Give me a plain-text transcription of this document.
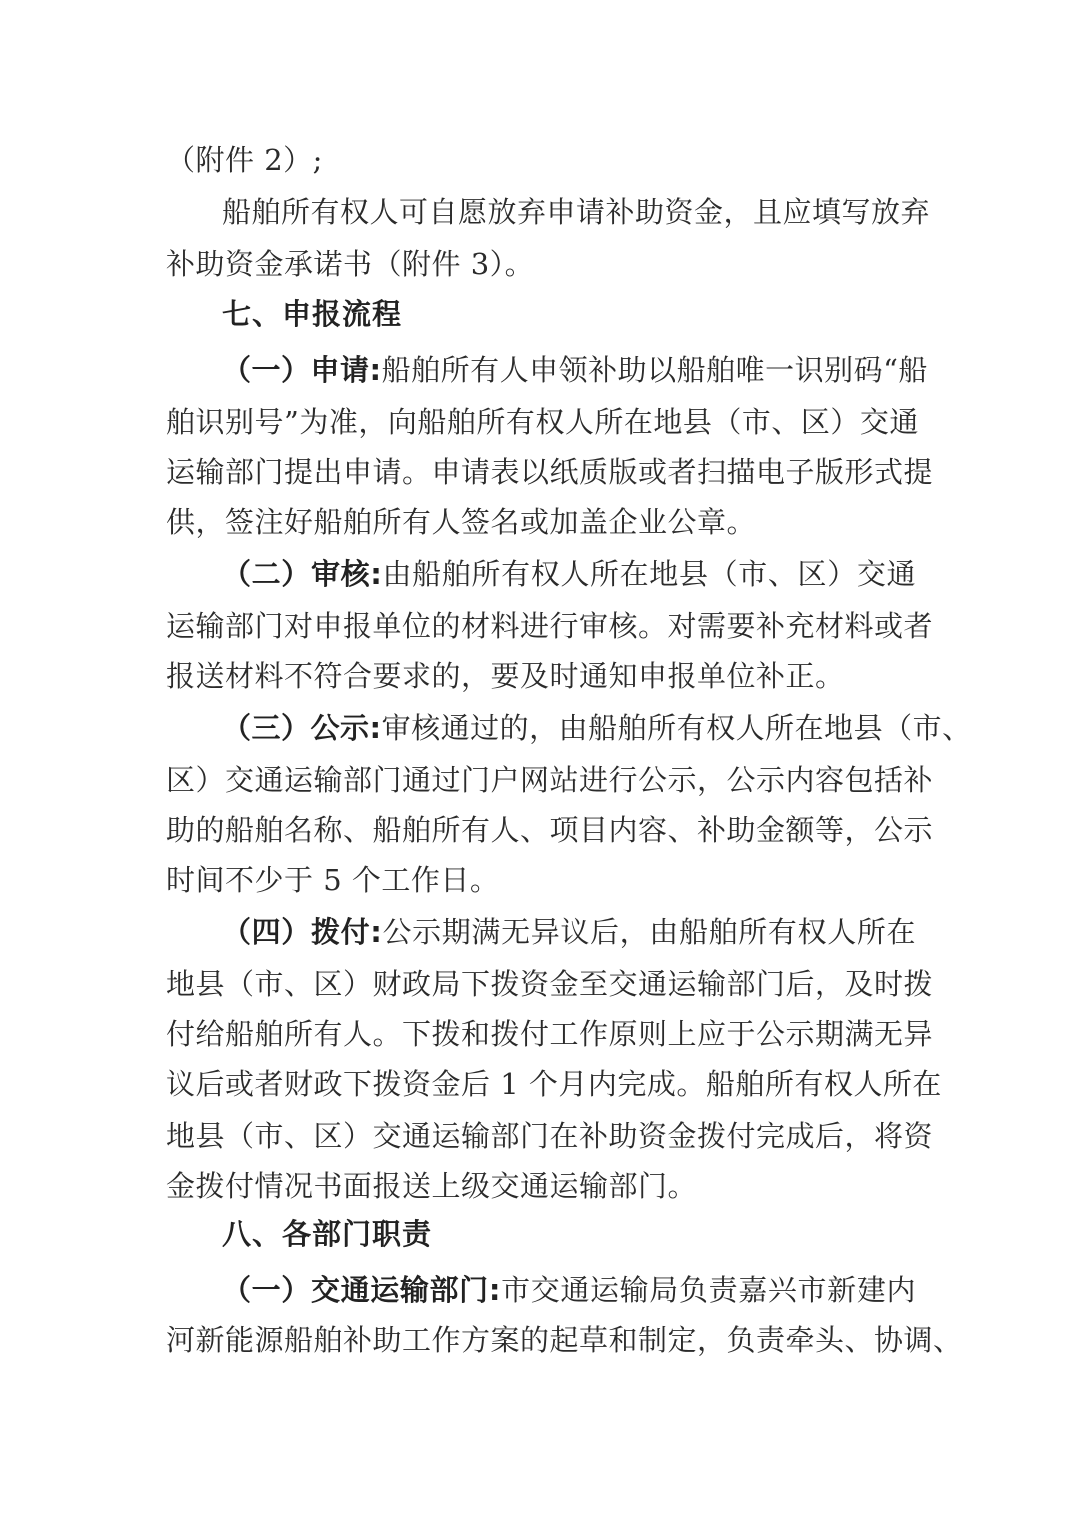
（附件 2）;
船舶所有权人可自愿放弃申请补助资金，且应填写放弃
补助资金承诺书（附件 3）。
七、申报流程
（一）申请:船舶所有人申领补助以船舶唯一识别码“船
舶识别号”为准，向船舶所有权人所在地县（市、区）交通
运输部门提出申请。申请表以纸质版或者扫描电子版形式提
供，签注好船舶所有人签名或加盖企业公章。
（二）审核:由船舶所有权人所在地县（市、区）交通
运输部门对申报单位的材料进行审核。对需要补充材料或者
报送材料不符合要求的，要及时通知申报单位补正。
（三）公示:审核通过的，由船舶所有权人所在地县（市、
区）交通运输部门通过门户网站进行公示，公示内容包括补
助的船舶名称、船舶所有人、项目内容、补助金额等，公示
时间不少于 5 个工作日。
（四）拨付:公示期满无异议后，由船舶所有权人所在
地县（市、区）财政局下拨资金至交通运输部门后，及时拨
付给船舶所有人。下拨和拨付工作原则上应于公示期满无异
议后或者财政下拨资金后 1 个月内完成。船舶所有权人所在
地县（市、区）交通运输部门在补助资金拨付完成后，将资
金拨付情况书面报送上级交通运输部门。
八、各部门职责
（一）交通运输部门:市交通运输局负责嘉兴市新建内
河新能源船舶补助工作方案的起草和制定，负责牵头、协调、
